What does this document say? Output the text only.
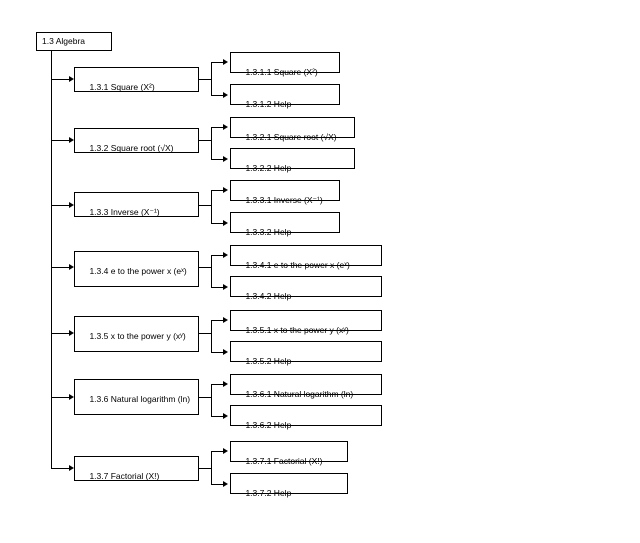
1.3 Algebra

1.3.1 Square (X²)

1.3.2 Square root (√X)

1.3.3 Inverse (X⁻¹)

1.3.4 e to the power x (eˣ)

1.3.5 x to the power y (xʸ)

1.3.6 Natural logarithm (ln)

1.3.7 Factorial (X!)

1.3.1.1 Square (X²)

1.3.1.2 Help

1.3.2.1 Square root (√X)

1.3.2.2 Help

1.3.3.1 Inverse (X⁻¹)

1.3.3.2 Help

1.3.4.1 e to the power x (eˣ)

1.3.4.2 Help

1.3.5.1 x to the power y (xʸ)

1.3.5.2 Help

1.3.6.1 Natural logarithm (ln)

1.3.6.2 Help

1.3.7.1 Factorial (X!)

1.3.7.2 Help
